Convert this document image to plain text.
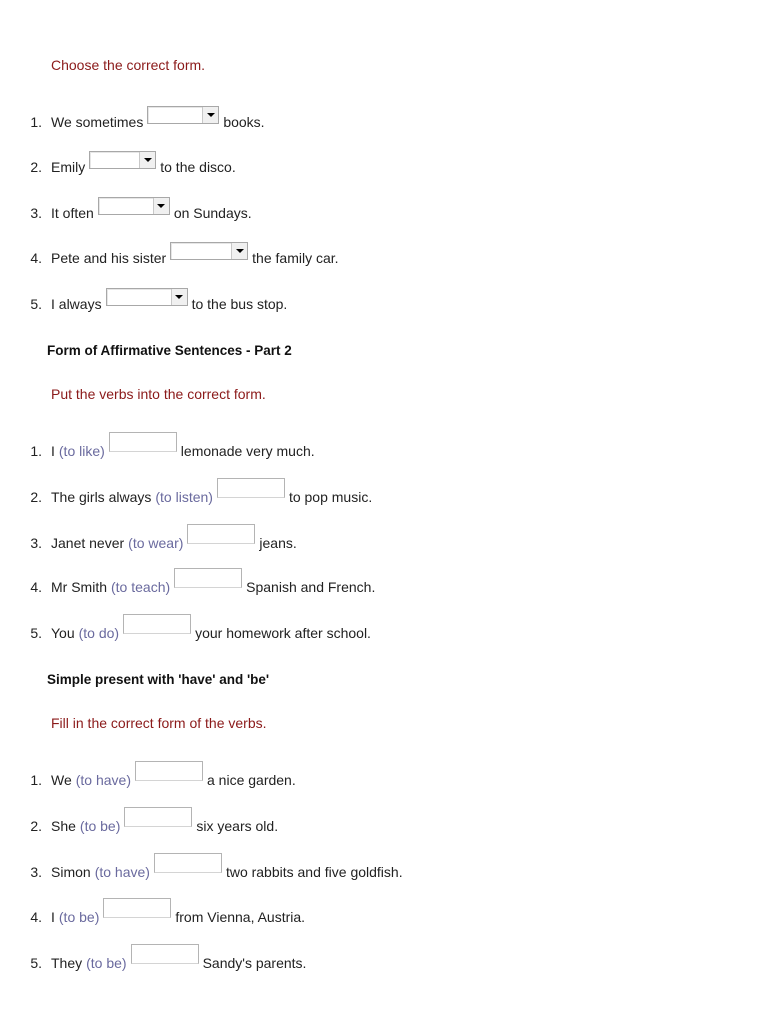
Choose the correct form.
1. We sometimes	books.
2. Emily	to the disco.
3. It often	on Sundays.
4. Pete and his sister	the family car.
5. I always	to the bus stop.
Form of Affirmative Sentences - Part 2
Put the verbs into the correct form.
1. I (to like)	lemonade very much.
2. The girls always (to listen)	to pop music.
3. Janet never (to wear)	jeans.
4. Mr Smith (to teach)	Spanish and French.
5. You (to do)	your homework after school.
Simple present with 'have' and 'be'
Fill in the correct form of the verbs.
1. We (to have)	a nice garden.
2. She (to be)	six years old.
3. Simon (to have)	two rabbits and five goldfish.
4. I (to be)	from Vienna, Austria.
5. They (to be)	Sandy's parents.
